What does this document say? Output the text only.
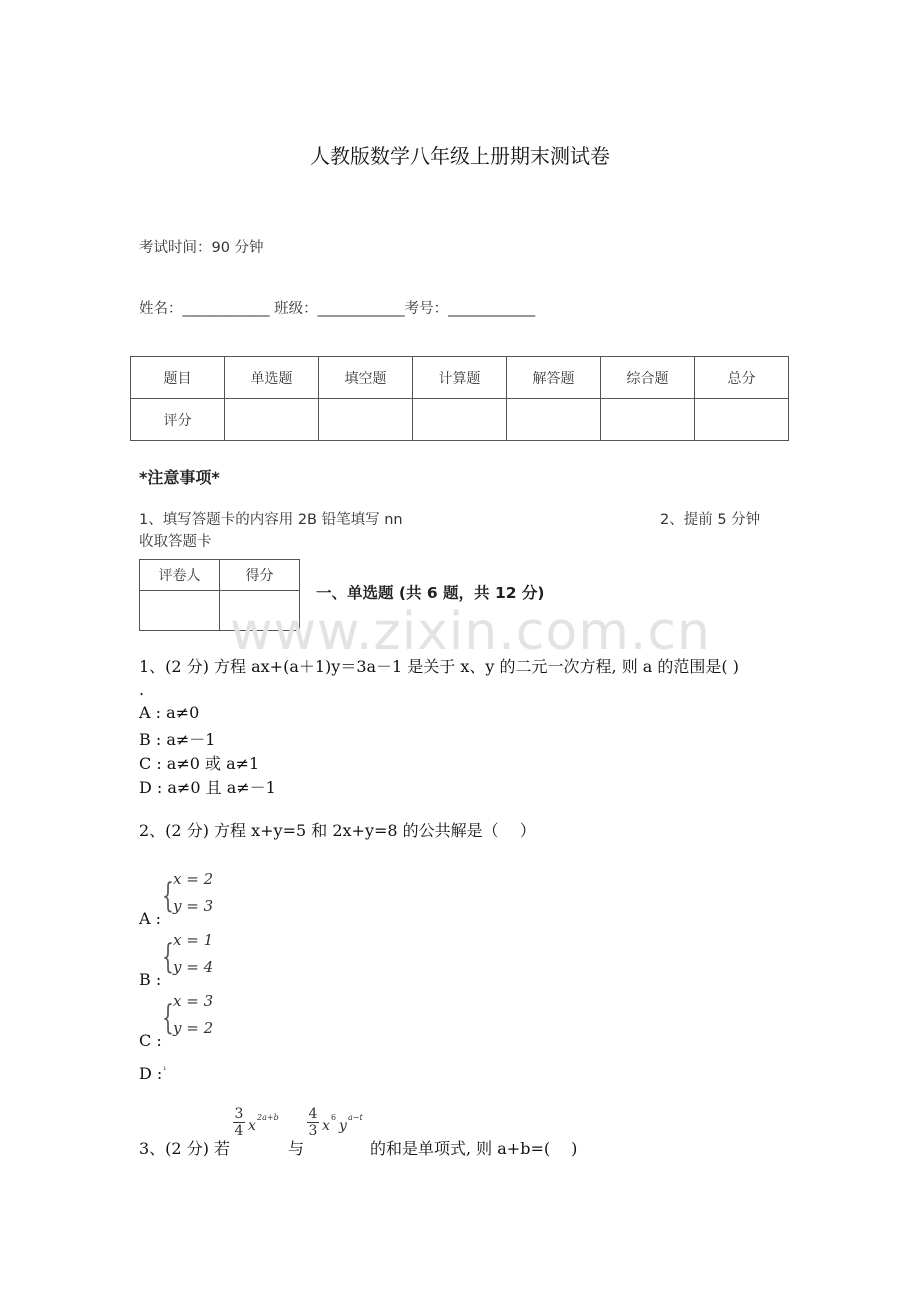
人教版数学八年级上册期末测试卷
考试时间：90 分钟
姓名：____________ 班级：____________考号：____________
题目	单选题	填空题	计算题	解答题	综合题	总分
评分						
*注意事项*
1、填写答题卡的内容用 2B 铅笔填写 nn	2、提前 5 分钟
收取答题卡
评卷人	得分

一、单选题 (共 6 题，共 12 分)
www.zixin.com.cn
1、(2 分) 方程 ax+(a＋1)y＝3a－1 是关于 x、y 的二元一次方程, 则 a 的范围是( )
.
A : a≠0
B : a≠－1
C : a≠0 或 a≠1
D : a≠0 且 a≠－1
2、(2 分) 方程 x+y=5 和 2x+y=8 的公共解是（　 ）
{ x = 2
y = 3
A :
{ x = 1
y = 4
B :
{ x = 3
y = 2
C :
D : ¹
3、(2 分) 若
$\frac{3}{4}$ x
2a+b
与
$\frac{4}{3}$ x
6
y
a−t
的和是单项式, 则 a+b=(　 )
